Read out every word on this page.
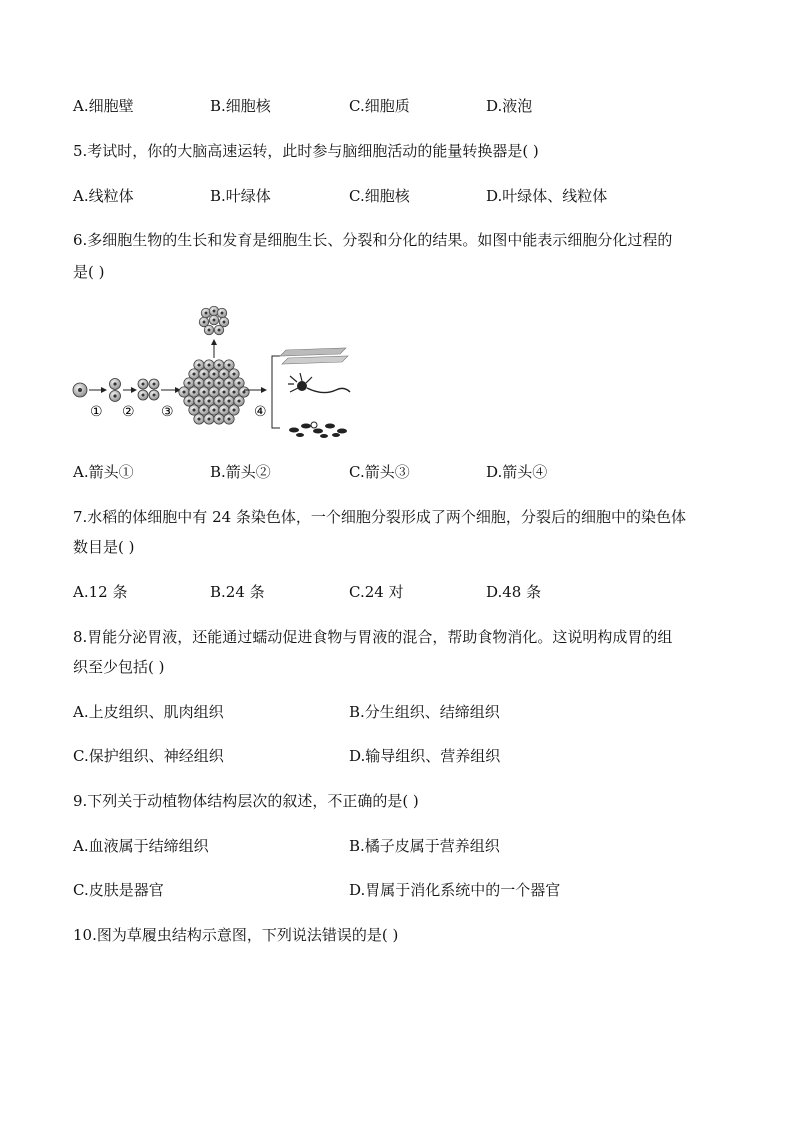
A.细胞壁	B.细胞核	C.细胞质	D.液泡
5.考试时，你的大脑高速运转，此时参与脑细胞活动的能量转换器是( )
A.线粒体	B.叶绿体	C.细胞核	D.叶绿体、线粒体
6.多细胞生物的生长和发育是细胞生长、分裂和分化的结果。如图中能表示细胞分化过程的
是( )
① ② ③	④
A.箭头①	B.箭头②	C.箭头③	D.箭头④
7.水稻的体细胞中有 24 条染色体，一个细胞分裂形成了两个细胞，分裂后的细胞中的染色体
数目是( )
A.12 条	B.24 条	C.24 对	D.48 条
8.胃能分泌胃液，还能通过蠕动促进食物与胃液的混合，帮助食物消化。这说明构成胃的组
织至少包括( )
A.上皮组织、肌肉组织	B.分生组织、结缔组织
C.保护组织、神经组织	D.输导组织、营养组织
9.下列关于动植物体结构层次的叙述，不正确的是( )
A.血液属于结缔组织	B.橘子皮属于营养组织
C.皮肤是器官	D.胃属于消化系统中的一个器官
10.图为草履虫结构示意图，下列说法错误的是( )
